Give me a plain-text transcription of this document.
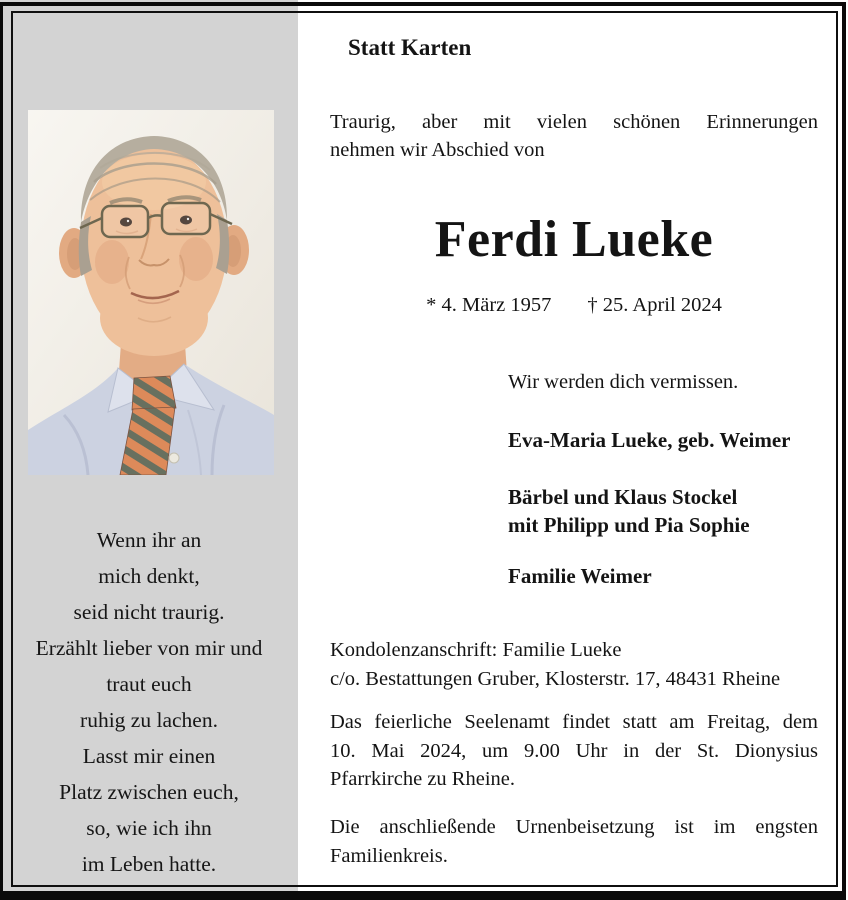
Wenn ihr an
mich denkt,
seid nicht traurig.
Erzählt lieber von mir und
traut euch
ruhig zu lachen.
Lasst mir einen
Platz zwischen euch,
so, wie ich ihn
im Leben hatte.
Statt Karten
Traurig, aber mit vielen schönen Erinnerungen
nehmen wir Abschied von
Ferdi Lueke
* 4. März 1957 † 25. April 2024
Wir werden dich vermissen.
Eva-Maria Lueke, geb. Weimer
Bärbel und Klaus Stockel
mit Philipp und Pia Sophie
Familie Weimer
Kondolenzanschrift: Familie Lueke
c/o. Bestattungen Gruber, Klosterstr. 17, 48431 Rheine
Das feierliche Seelenamt findet statt am Freitag, dem
10. Mai 2024, um 9.00 Uhr in der St. Dionysius
Pfarrkirche zu Rheine.
Die anschließende Urnenbeisetzung ist im engsten
Familienkreis.
